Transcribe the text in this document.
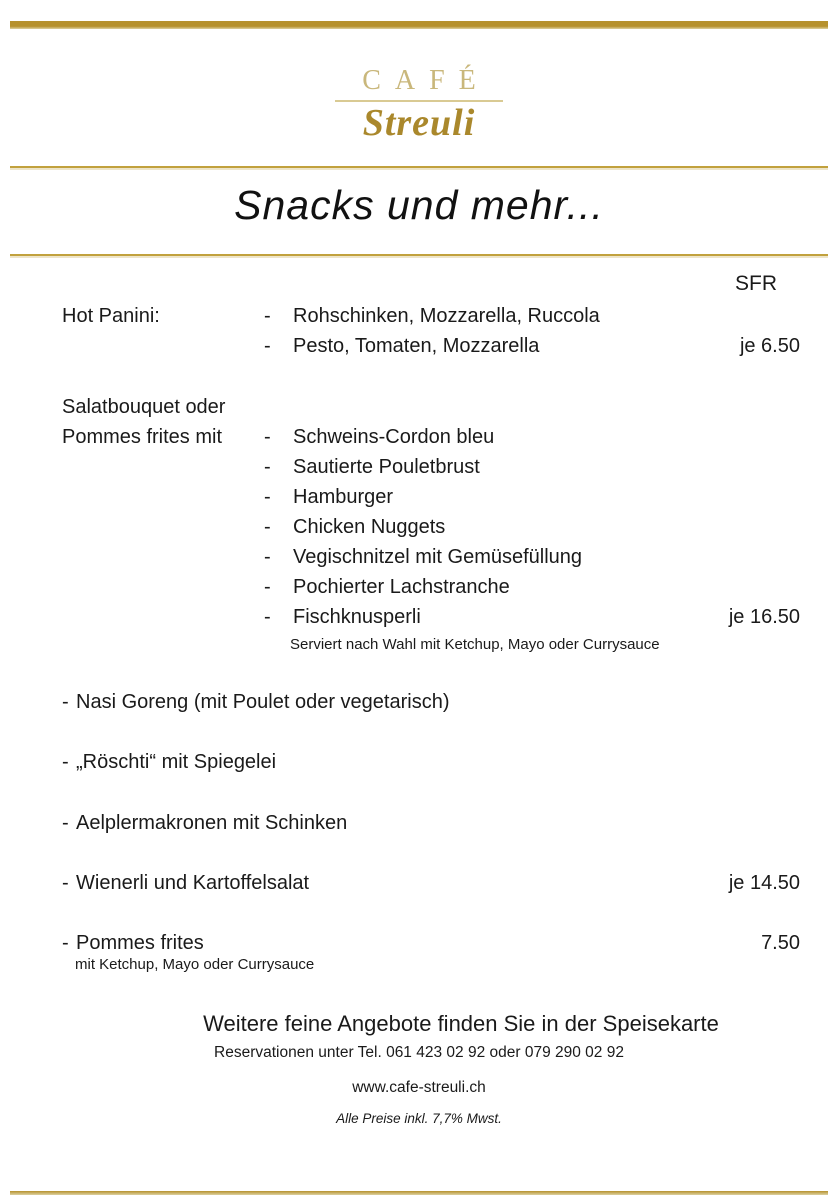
CAFÉ
Streuli
Snacks und mehr...
SFR
Hot Panini:	-	Rohschinken, Mozzarella, Ruccola
-	Pesto, Tomaten, Mozzarella	je 6.50
Salatbouquet oder
Pommes frites mit	-	Schweins-Cordon bleu
-	Sautierte Pouletbrust
-	Hamburger
-	Chicken Nuggets
-	Vegischnitzel mit Gemüsefüllung
-	Pochierter Lachstranche
-	Fischknusperli	je 16.50
Serviert nach Wahl mit Ketchup, Mayo oder Currysauce
- Nasi Goreng (mit Poulet oder vegetarisch)
- „Röschti“ mit Spiegelei
- Aelplermakronen mit Schinken
- Wienerli und Kartoffelsalat	je 14.50
- Pommes frites	7.50
mit Ketchup, Mayo oder Currysauce
Weitere feine Angebote finden Sie in der Speisekarte
Reservationen unter Tel. 061 423 02 92 oder 079 290 02 92
www.cafe-streuli.ch
Alle Preise inkl. 7,7% Mwst.
